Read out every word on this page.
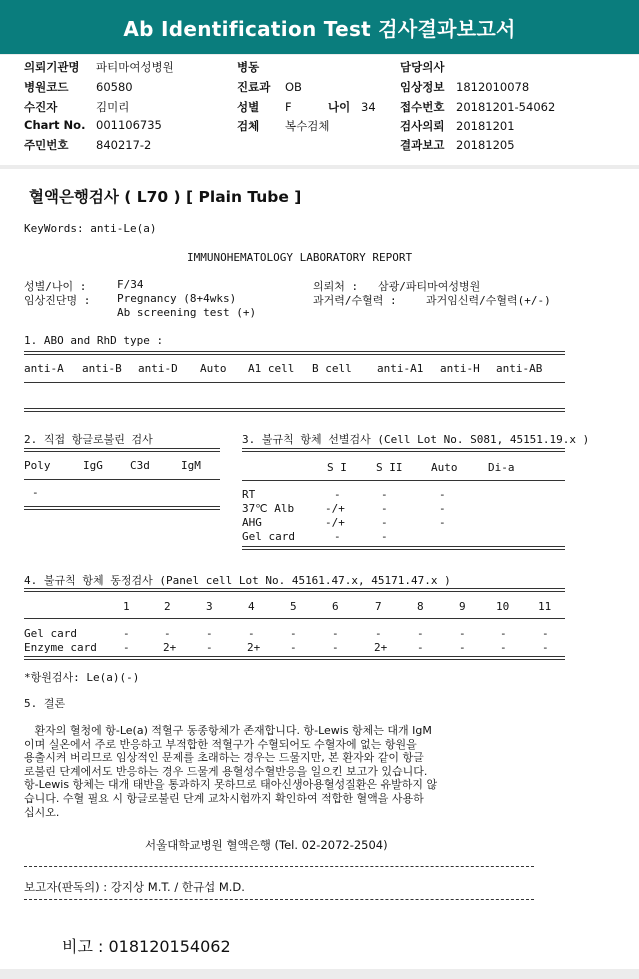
Ab Identification Test 검사결과보고서
의뢰기관명 파티마여성병원
병원코드 60580
수진자	김미리
Chart No. 001106735
주민번호 840217-2
병동
진료과 OB
성별 F	나이 34
검체 복수검체
담당의사
임상정보 1812010078
접수번호 20181201-54062
검사의뢰 20181201
결과보고 20181205
혈액은행검사 ( L70 ) [ Plain Tube ]
KeyWords: anti-Le(a)
IMMUNOHEMATOLOGY LABORATORY REPORT
성별/나이 :	F/34
임상진단명 : Pregnancy (8+4wks)
Ab screening test (+)
의뢰처 : 삼광/파티마여성병원
과거력/수혈력 :	과거임신력/수혈력(+/-)
1. ABO and RhD type :
anti-A anti-B anti-D Auto A1 cell B cell anti-A1 anti-H anti-AB
2. 직접 항글로불린 검사
Poly	IgG C3d	IgM
-
3. 불규칙 항체 선별검사 (Cell Lot No. S081, 45151.19.x )
S I	S II	Auto	Di-a
RT	-	-	-
37℃ Alb	-/+	-	-
AHG	-/+	-	-
Gel card	-	-
4. 불규칙 항체 동정검사 (Panel cell Lot No. 45161.47.x, 45171.47.x )
1	2	3	4	5	6	7	8	9	10	11
Gel card	-	-	-	-	-	-	-	-	-	-	-
Enzyme card -	2+	-	2+	-	-	2+	-	-	-	-
*항원검사: Le(a)(-)
5. 결론
환자의 혈청에 항-Le(a) 적혈구 동종항체가 존재합니다. 항-Lewis 항체는 대개 IgM
이며 실온에서 주로 반응하고 부적합한 적혈구가 수혈되어도 수혈자에 없는 항원을
용출시켜 버리므로 임상적인 문제를 초래하는 경우는 드물지만, 본 환자와 같이 항글
로불린 단계에서도 반응하는 경우 드물게 용혈성수혈반응을 일으킨 보고가 있습니다.
항-Lewis 항체는 대개 태반을 통과하지 못하므로 태아신생아용혈성질환은 유발하지 않
습니다. 수혈 필요 시 항글로불린 단계 교차시험까지 확인하여 적합한 혈액을 사용하
십시오.
서울대학교병원 혈액은행 (Tel. 02-2072-2504)
보고자(판독의) : 강지상 M.T. / 한규섭 M.D.
비고 : 018120154062
